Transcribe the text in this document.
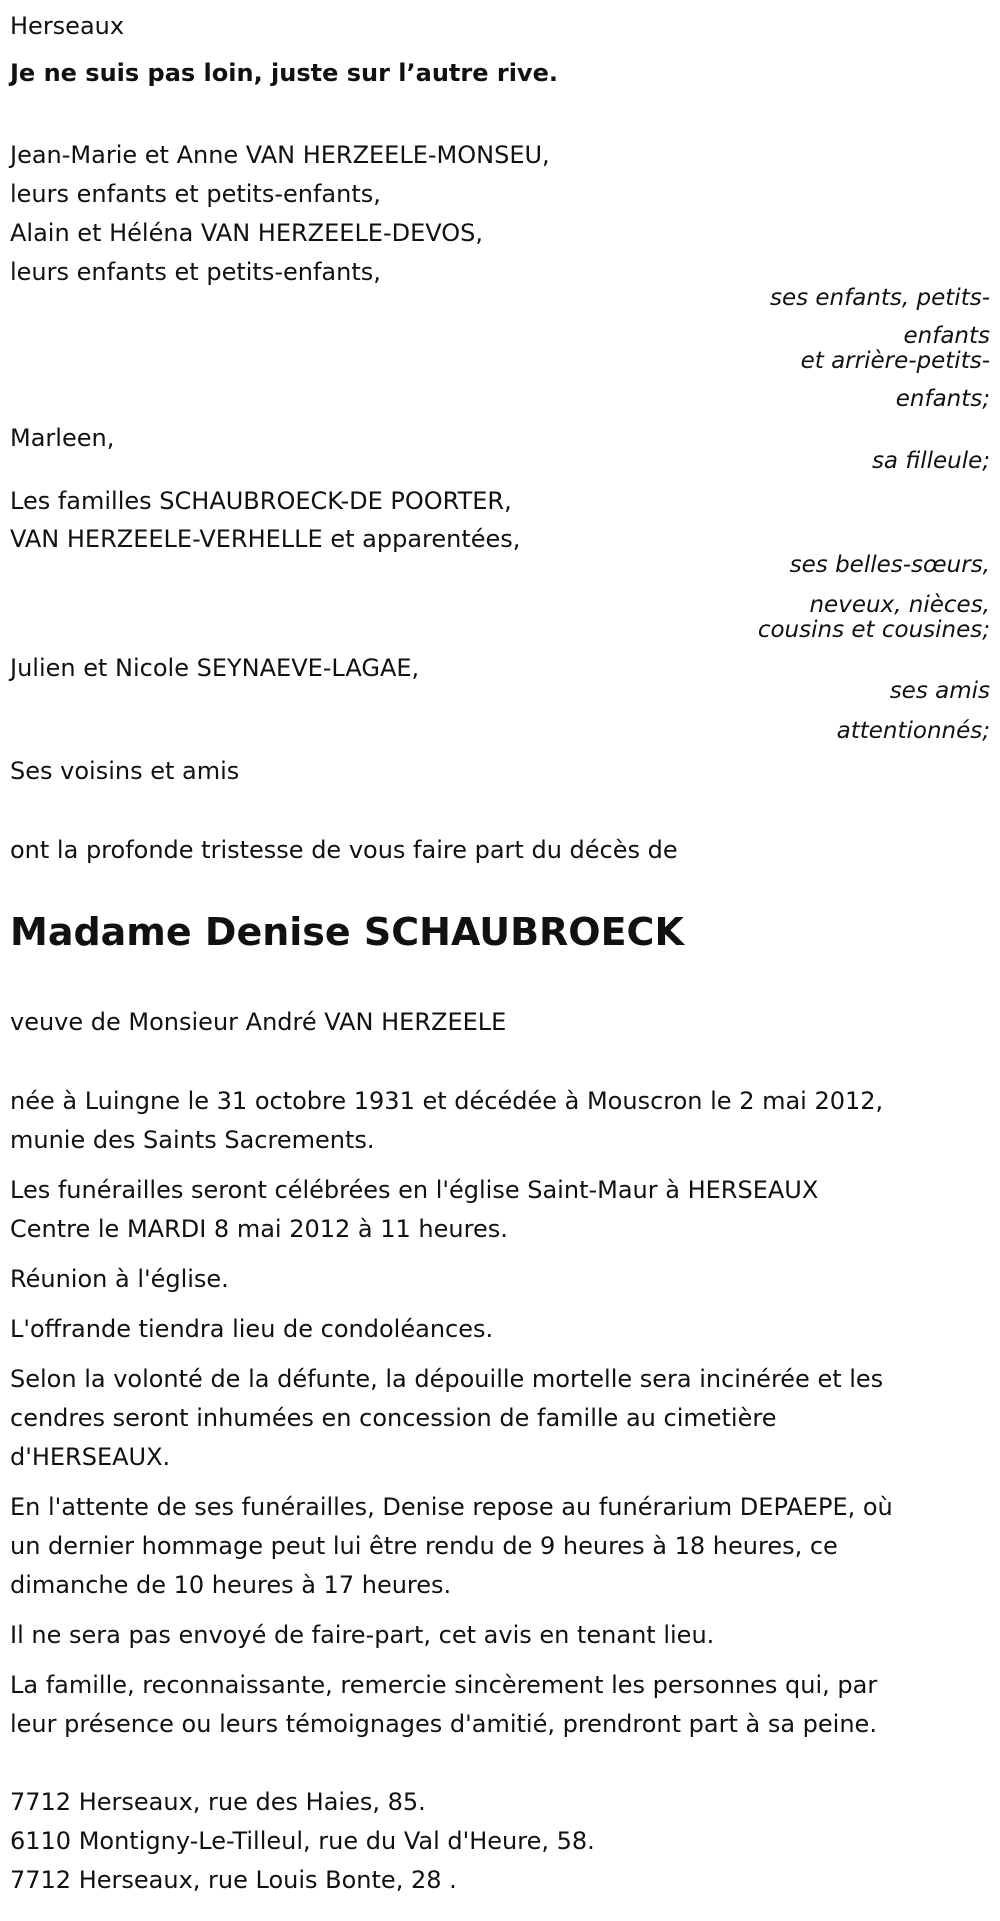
Herseaux

Je ne suis pas loin, juste sur l’autre rive.

Jean-Marie et Anne VAN HERZEELE-MONSEU,

leurs enfants et petits-enfants,

Alain et Héléna VAN HERZEELE-DEVOS,

leurs enfants et petits-enfants,

ses enfants, petits-

enfants

et arrière-petits-

enfants;

Marleen,

sa filleule;

Les familles SCHAUBROECK-DE POORTER,

VAN HERZEELE-VERHELLE et apparentées,

ses belles-sœurs,

neveux, nièces,

cousins et cousines;

Julien et Nicole SEYNAEVE-LAGAE,

ses amis

attentionnés;

Ses voisins et amis

ont la profonde tristesse de vous faire part du décès de

Madame Denise SCHAUBROECK

veuve de Monsieur André VAN HERZEELE

née à Luingne le 31 octobre 1931 et décédée à Mouscron le 2 mai 2012,

munie des Saints Sacrements.

Les funérailles seront célébrées en l'église Saint-Maur à HERSEAUX

Centre le MARDI 8 mai 2012 à 11 heures.

Réunion à l'église.

L'offrande tiendra lieu de condoléances.

Selon la volonté de la défunte, la dépouille mortelle sera incinérée et les

cendres seront inhumées en concession de famille au cimetière

d'HERSEAUX.

En l'attente de ses funérailles, Denise repose au funérarium DEPAEPE, où

un dernier hommage peut lui être rendu de 9 heures à 18 heures, ce

dimanche de 10 heures à 17 heures.

Il ne sera pas envoyé de faire-part, cet avis en tenant lieu.

La famille, reconnaissante, remercie sincèrement les personnes qui, par

leur présence ou leurs témoignages d'amitié, prendront part à sa peine.

7712 Herseaux, rue des Haies, 85.

6110 Montigny-Le-Tilleul, rue du Val d'Heure, 58.

7712 Herseaux, rue Louis Bonte, 28 .
